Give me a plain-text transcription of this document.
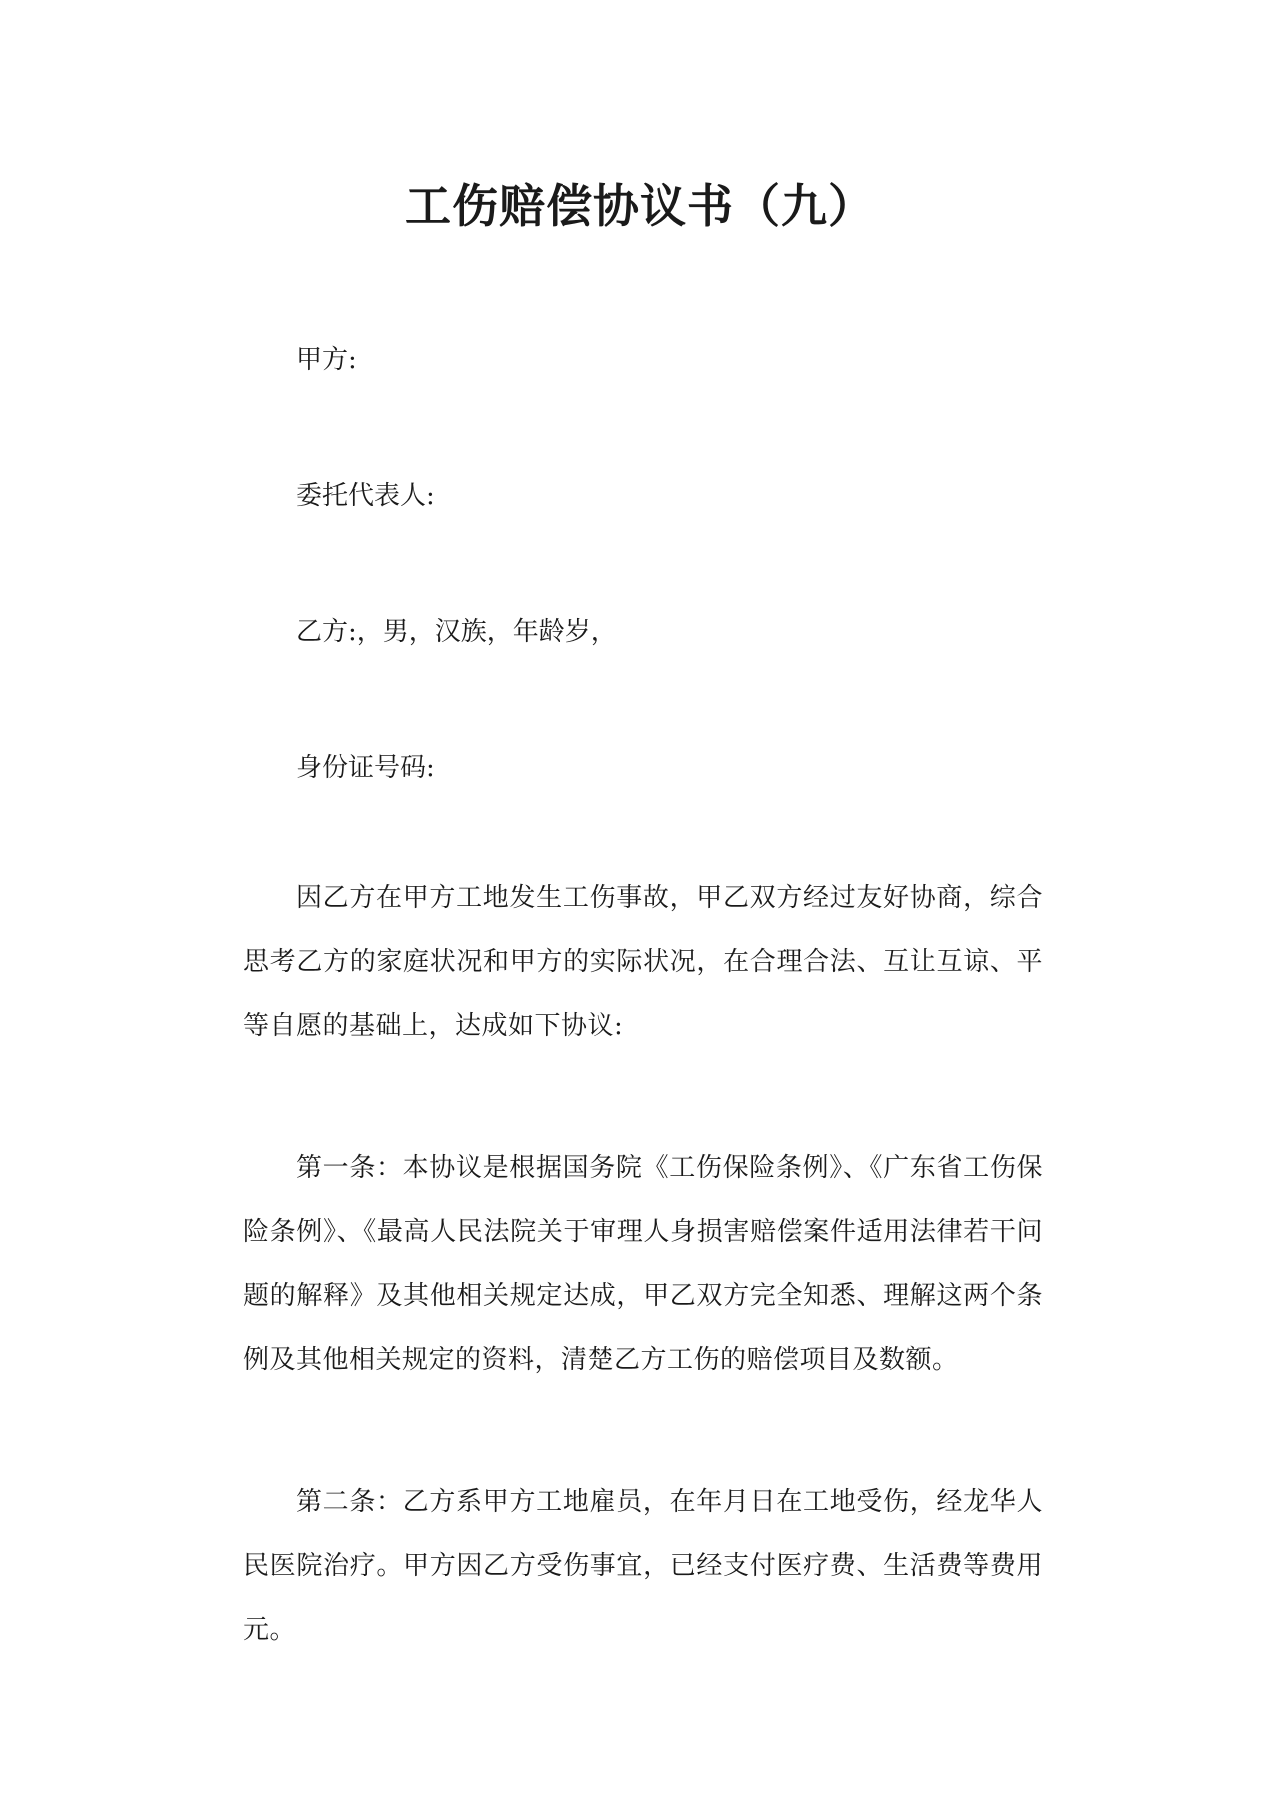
工伤赔偿协议书（九）
甲方:
委托代表人:
乙方:，男，汉族，年龄岁，
身份证号码:
因乙方在甲方工地发生工伤事故，甲乙双方经过友好协商，综合思考乙方的家庭状况和甲方的实际状况，在合理合法、互让互谅、平等自愿的基础上，达成如下协议:
第一条：本协议是根据国务院《工伤保险条例》、《广东省工伤保险条例》、《最高人民法院关于审理人身损害赔偿案件适用法律若干问题的解释》及其他相关规定达成，甲乙双方完全知悉、理解这两个条例及其他相关规定的资料，清楚乙方工伤的赔偿项目及数额。
第二条：乙方系甲方工地雇员，在年月日在工地受伤，经龙华人民医院治疗。甲方因乙方受伤事宜，已经支付医疗费、生活费等费用元。
